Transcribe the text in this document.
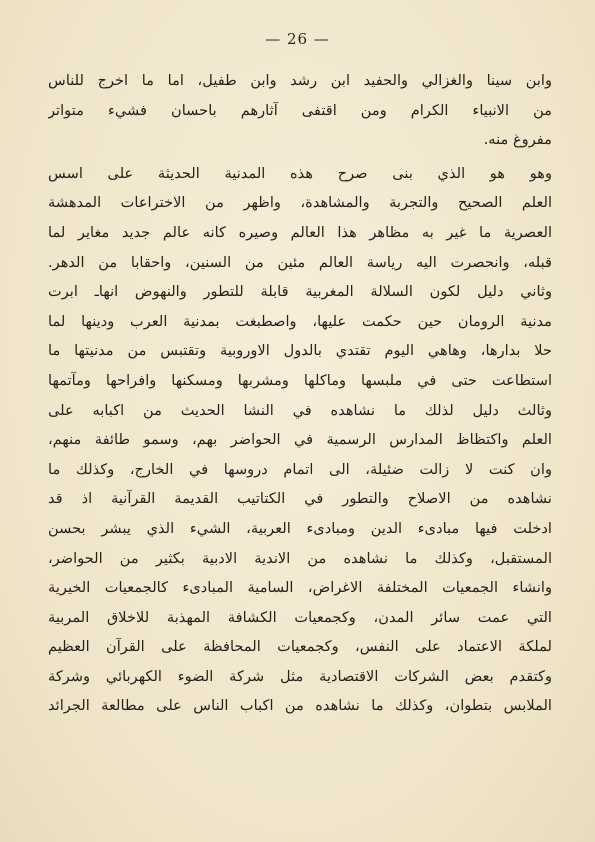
— 26 —
وابن سينا والغزالي والحفيد ابن رشد وابن طفيل، اما ما اخرج للناس
من الانبياء الكرام ومن اقتفى آثارهم باحسان فشيء متواتر
مفروغ منه.
وهو هو الذي بنى صرح هذه المدنية الحديثة على اسس
العلم الصحيح والتجربة والمشاهدة، واظهر من الاختراعات المدهشة
العصرية ما غير به مظاهر هذا العالم وصيره كانه عالم جديد مغاير لما
قبله، وانحصرت اليه رياسة العالم مئين من السنين، واحقابا من الدهر.
وثاني دليل لكون السلالة المغربية قابلة للتطور والنهوض انهاـ ابرت
مدنية الرومان حين حكمت عليها، واصطبغت بمدنية العرب ودينها لما
حلا بدارها، وهاهي اليوم تقتدي بالدول الاوروبية وتقتبس من مدنيتها ما
استطاعت حتى في ملبسها وماكلها ومشربها ومسكنها وافراحها ومآتمها
وثالث دليل لذلك ما نشاهده في النشا الحديث من اكبابه على
العلم واكتظاظ المدارس الرسمية في الحواضر بهم، وسمو طائفة منهم،
وان كنت لا زالت ضئيلة، الى اتمام دروسها في الخارج، وكذلك ما
نشاهده من الاصلاح والتطور في الكتاتيب القديمة القرآنية اذ قد
ادخلت فيها مبادىء الدين ومبادىء العربية، الشيء الذي يبشر بحسن
المستقبل، وكذلك ما نشاهده من الاندية الادبية بكثير من الحواضر،
وانشاء الجمعيات المختلفة الاغراض، السامية المبادىء كالجمعيات الخيرية
التي عمت سائر المدن، وكجمعيات الكشافة المهذبة للاخلاق المربية
لملكة الاعتماد على النفس، وكجمعيات المحافظة على القرآن العظيم
وكتقدم بعض الشركات الاقتصادية مثل شركة الضوء الكهربائي وشركة
الملابس بتطوان، وكذلك ما نشاهده من اكباب الناس على مطالعة الجرائد
